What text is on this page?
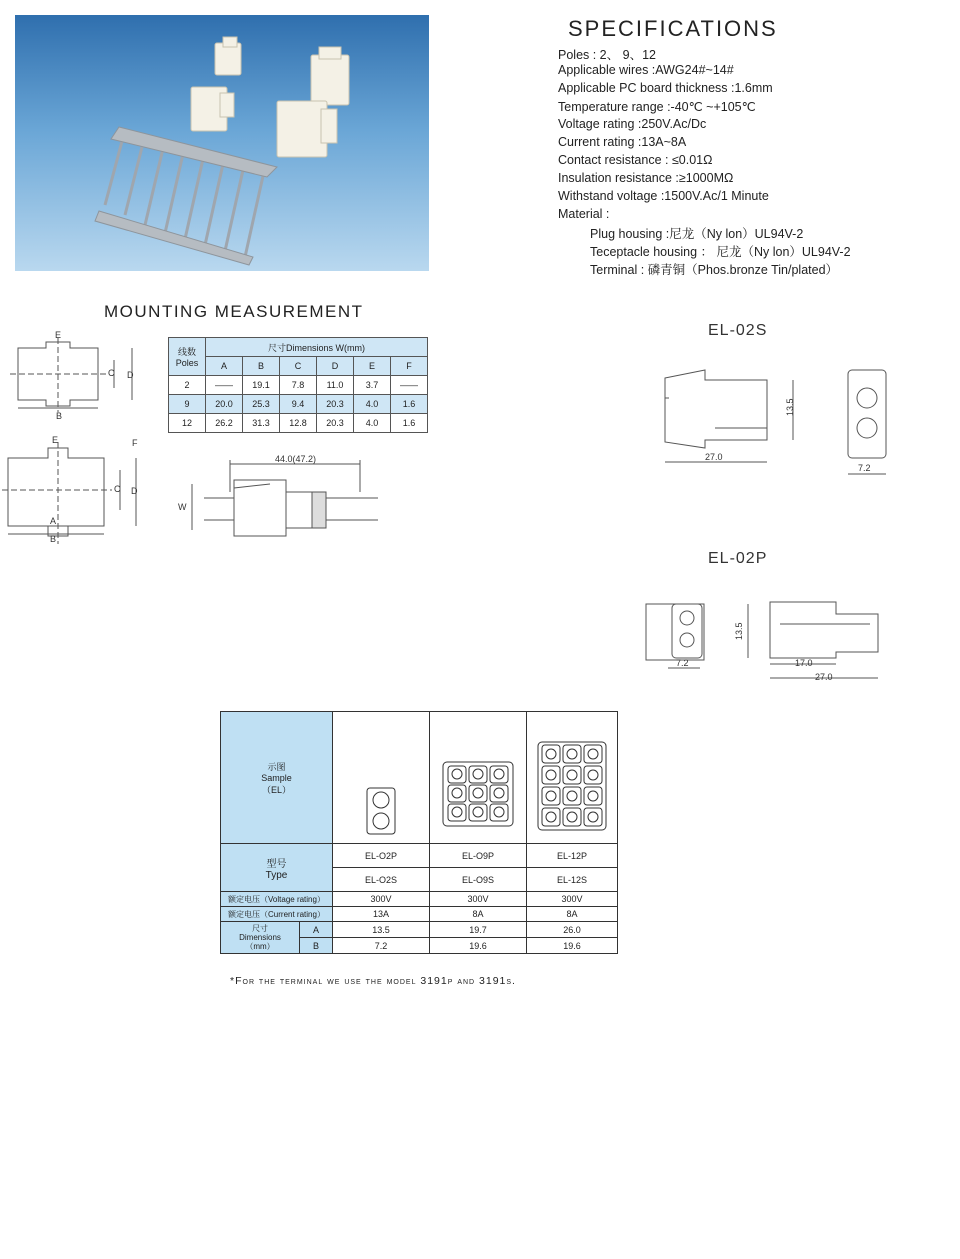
SPECIFICATIONS
Poles : 2、 9、12
Applicable wires :AWG24#~14#
Applicable PC board thickness :1.6mm
Temperature range :-40℃ ~+105℃
Voltage rating :250V.Ac/Dc
Current rating :13A~8A
Contact resistance : ≤0.01Ω
Insulation resistance :≥1000MΩ
Withstand voltage :1500V.Ac/1 Minute
Material :
Plug housing :尼龙（Ny lon）UL94V-2
Teceptacle housing ： 尼龙（Ny lon）UL94V-2
Terminal : 磷青铜（Phos.bronze Tin/plated）
MOUNTING MEASUREMENT
E
C D
B
E	F
C D
A
B
线数
Poles	尺寸Dimensions W(mm)					
	A	B	C	D	E	F
2	——	19.1	7.8	11.0	3.7	——
9	20.0	25.3	9.4	20.3	4.0	1.6
12	26.2	31.3	12.8	20.3	4.0	1.6
44.0(47.2)
W
EL-02S
13.5
27.0
7.2
EL-02P
13.5
7.2	17.0
27.0
示图
Sample
（EL）			
型号
Type		EL-O2P	EL-O9P	EL-12P
		EL-O2S	EL-O9S	EL-12S
额定电压（Voltage rating）		300V	300V	300V
额定电压（Current rating）		13A	8A	8A
尺寸
Dimensions
（mm）	A	13.5	19.7	26.0
	B	7.2	19.6	19.6
*For the terminal we use the model 3191p and 3191s.
